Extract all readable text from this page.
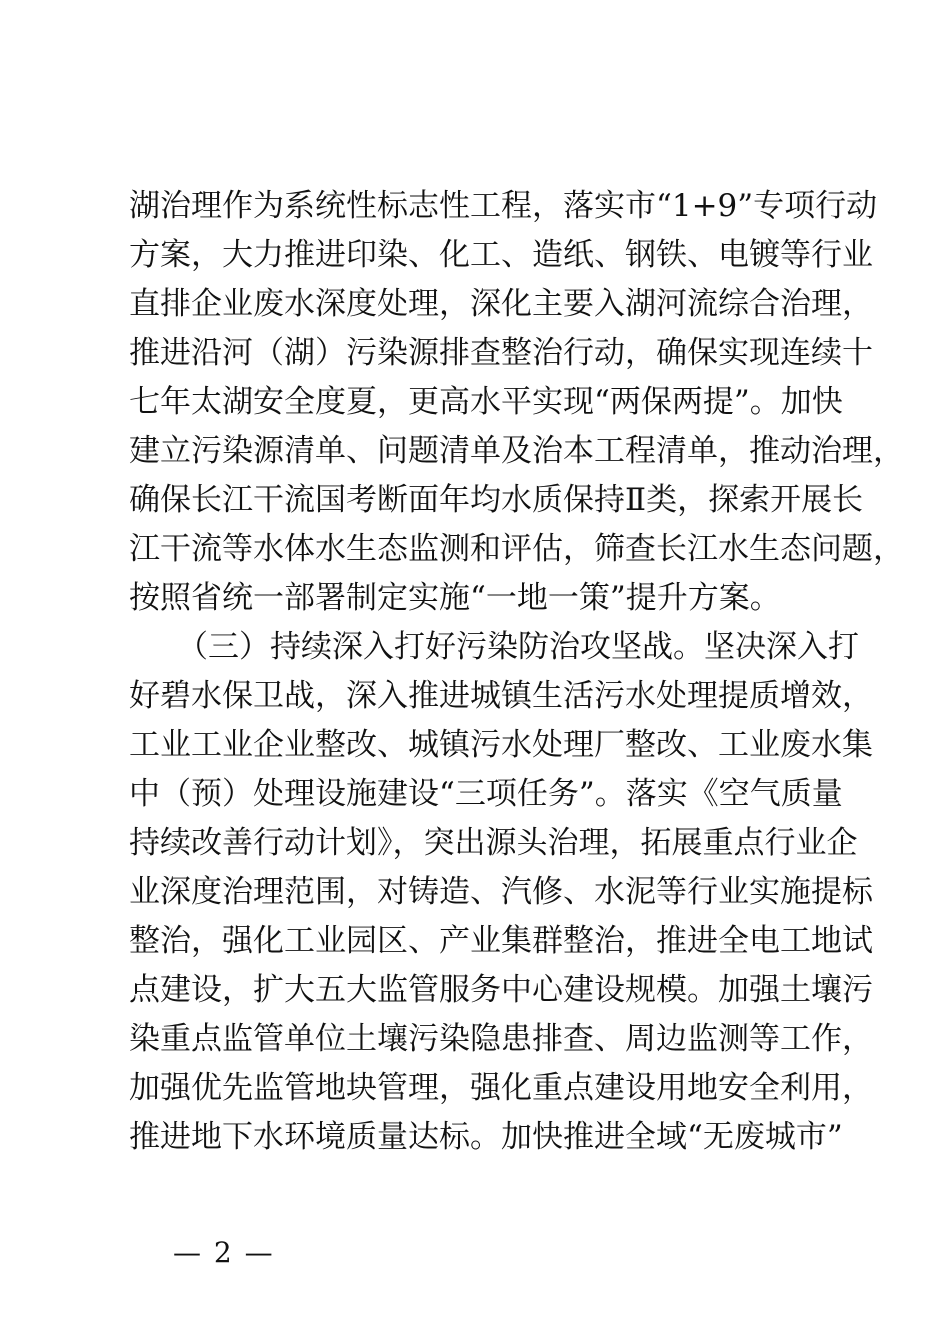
湖治理作为系统性标志性工程，落实市“1+9”专项行动
方案，大力推进印染、化工、造纸、钢铁、电镀等行业
直排企业废水深度处理，深化主要入湖河流综合治理，
推进沿河（湖）污染源排查整治行动，确保实现连续十
七年太湖安全度夏，更高水平实现“两保两提”。加快
建立污染源清单、问题清单及治本工程清单，推动治理，
确保长江干流国考断面年均水质保持Ⅱ类，探索开展长
江干流等水体水生态监测和评估，筛查长江水生态问题，
按照省统一部署制定实施“一地一策”提升方案。
（三）持续深入打好污染防治攻坚战。坚决深入打
好碧水保卫战，深入推进城镇生活污水处理提质增效，
工业工业企业整改、城镇污水处理厂整改、工业废水集
中（预）处理设施建设“三项任务”。落实《空气质量
持续改善行动计划》，突出源头治理，拓展重点行业企
业深度治理范围，对铸造、汽修、水泥等行业实施提标
整治，强化工业园区、产业集群整治，推进全电工地试
点建设，扩大五大监管服务中心建设规模。加强土壤污
染重点监管单位土壤污染隐患排查、周边监测等工作，
加强优先监管地块管理，强化重点建设用地安全利用，
推进地下水环境质量达标。加快推进全域“无废城市”
— 2 —
